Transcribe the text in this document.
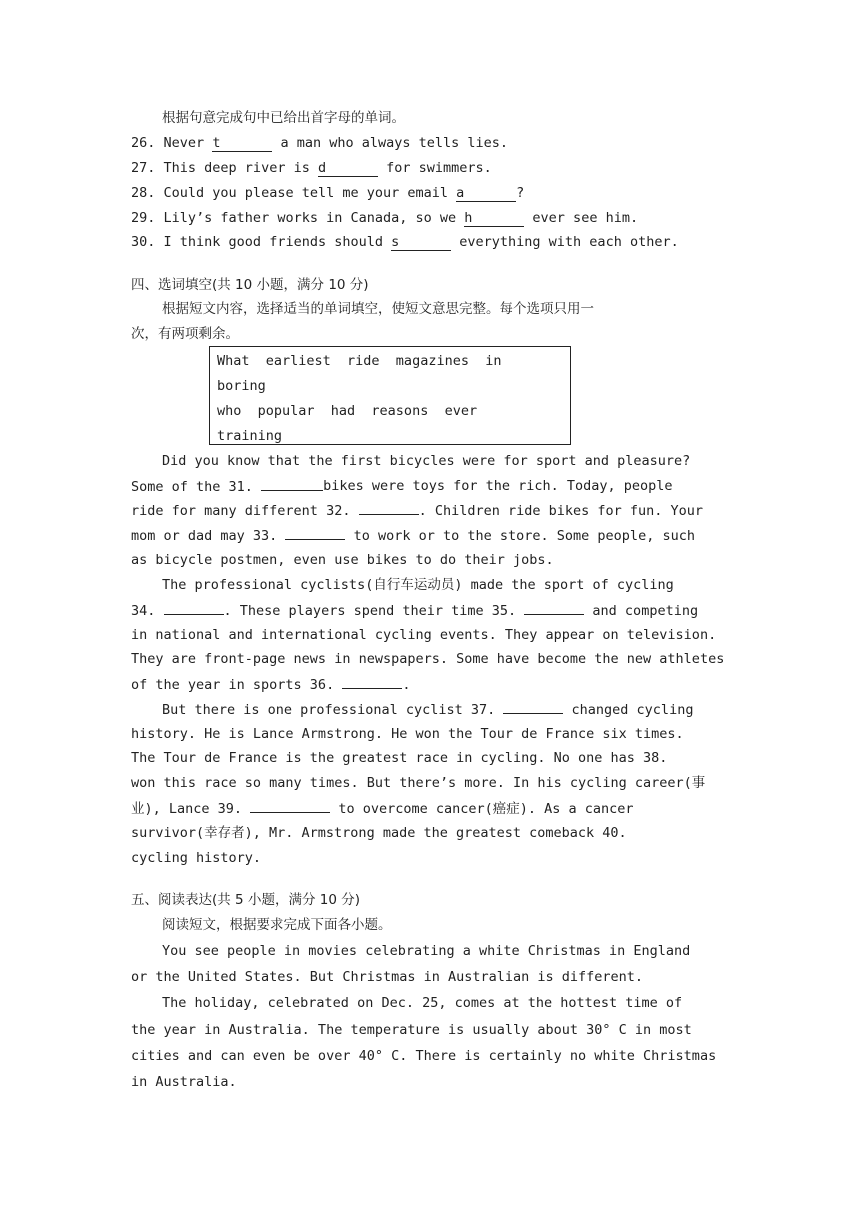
根据句意完成句中已给出首字母的单词。
26. Never t	a man who always tells lies.
27. This deep river is d	for swimmers.
28. Could you please tell me your email a	?
29. Lily’s father works in Canada, so we h	ever see him.
30. I think good friends should s	everything with each other.
四、选词填空(共 10 小题，满分 10 分)
根据短文内容，选择适当的单词填空，使短文意思完整。每个选项只用一
次，有两项剩余。
What  earliest  ride  magazines  in
boring
who  popular  had  reasons  ever
training
Did you know that the first bicycles were for sport and pleasure?
Some of the 31.	bikes were toys for the rich. Today, people
ride for many different 32.	. Children ride bikes for fun. Your
mom or dad may 33.	to work or to the store. Some people, such
as bicycle postmen, even use bikes to do their jobs.
The professional cyclists(自行车运动员) made the sport of cycling
34.	. These players spend their time 35.	and competing
in national and international cycling events. They appear on television.
They are front-page news in newspapers. Some have become the new athletes
of the year in sports 36.	.
But there is one professional cyclist 37.	changed cycling
history. He is Lance Armstrong. He won the Tour de France six times.
The Tour de France is the greatest race in cycling. No one has 38.
won this race so many times. But there’s more. In his cycling career(事
业), Lance 39.	to overcome cancer(癌症). As a cancer
survivor(幸存者), Mr. Armstrong made the greatest comeback 40.
cycling history.
五、阅读表达(共 5 小题，满分 10 分)
阅读短文，根据要求完成下面各小题。
You see people in movies celebrating a white Christmas in England
or the United States. But Christmas in Australian is different.
The holiday, celebrated on Dec. 25, comes at the hottest time of
the year in Australia. The temperature is usually about 30° C in most
cities and can even be over 40° C. There is certainly no white Christmas
in Australia.
